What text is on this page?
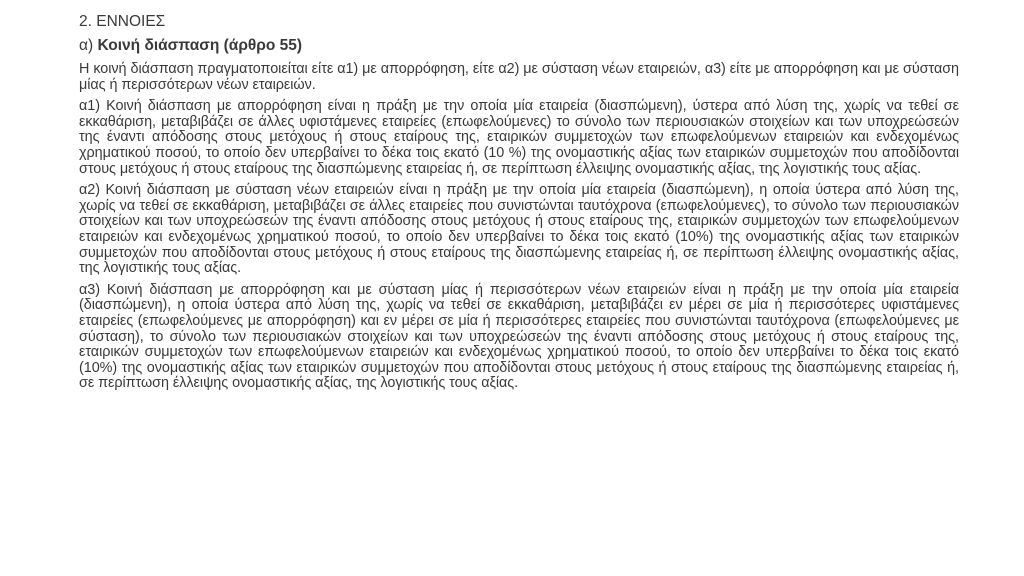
2. ΕΝΝΟΙΕΣ
α) Κοινή διάσπαση (άρθρο 55)

Η κοινή διάσπαση πραγματοποιείται είτε α1) με απορρόφηση, είτε α2) με σύσταση νέων εταιρειών, α3) είτε με απορρόφηση και με σύσταση μίας ή περισσότερων νέων εταιρειών.

α1) Κοινή διάσπαση με απορρόφηση είναι η πράξη με την οποία μία εταιρεία (διασπώμενη), ύστερα από λύση της, χωρίς να τεθεί σε εκκαθάριση, μεταβιβάζει σε άλλες υφιστάμενες εταιρείες (επωφελούμενες) το σύνολο των περιουσιακών στοιχείων και των υποχρεώσεών της έναντι απόδοσης στους μετόχους ή στους εταίρους της, εταιρικών συμμετοχών των επωφελούμενων εταιρειών και ενδεχομένως χρηματικού ποσού, το οποίο δεν υπερβαίνει το δέκα τοις εκατό (10 %) της ονομαστικής αξίας των εταιρικών συμμετοχών που αποδίδονται στους μετόχους ή στους εταίρους της διασπώμενης εταιρείας ή, σε περίπτωση έλλειψης ονομαστικής αξίας, της λογιστικής τους αξίας.

α2) Κοινή διάσπαση με σύσταση νέων εταιρειών είναι η πράξη με την οποία μία εταιρεία (διασπώμενη), η οποία ύστερα από λύση της, χωρίς να τεθεί σε εκκαθάριση, μεταβιβάζει σε άλλες εταιρείες που συνιστώνται ταυτόχρονα (επωφελούμενες), το σύνολο των περιουσιακών στοιχείων και των υποχρεώσεών της έναντι απόδοσης στους μετόχους ή στους εταίρους της, εταιρικών συμμετοχών των επωφελούμενων εταιρειών και ενδεχομένως χρηματικού ποσού, το οποίο δεν υπερβαίνει το δέκα τοις εκατό (10%) της ονομαστικής αξίας των εταιρικών συμμετοχών που αποδίδονται στους μετόχους ή στους εταίρους της διασπώμενης εταιρείας ή, σε περίπτωση έλλειψης ονομαστικής αξίας, της λογιστικής τους αξίας.

α3) Κοινή διάσπαση με απορρόφηση και με σύσταση μίας ή περισσότερων νέων εταιρειών είναι η πράξη με την οποία μία εταιρεία (διασπώμενη), η οποία ύστερα από λύση της, χωρίς να τεθεί σε εκκαθάριση, μεταβιβάζει εν μέρει σε μία ή περισσότερες υφιστάμενες εταιρείες (επωφελούμενες με απορρόφηση) και εν μέρει σε μία ή περισσότερες εταιρείες που συνιστώνται ταυτόχρονα (επωφελούμενες με σύσταση), το σύνολο των περιουσιακών στοιχείων και των υποχρεώσεών της έναντι απόδοσης στους μετόχους ή στους εταίρους της, εταιρικών συμμετοχών των επωφελούμενων εταιρειών και ενδεχομένως χρηματικού ποσού, το οποίο δεν υπερβαίνει το δέκα τοις εκατό (10%) της ονομαστικής αξίας των εταιρικών συμμετοχών που αποδίδονται στους μετόχους ή στους εταίρους της διασπώμενης εταιρείας ή, σε περίπτωση έλλειψης ονομαστικής αξίας, της λογιστικής τους αξίας.
